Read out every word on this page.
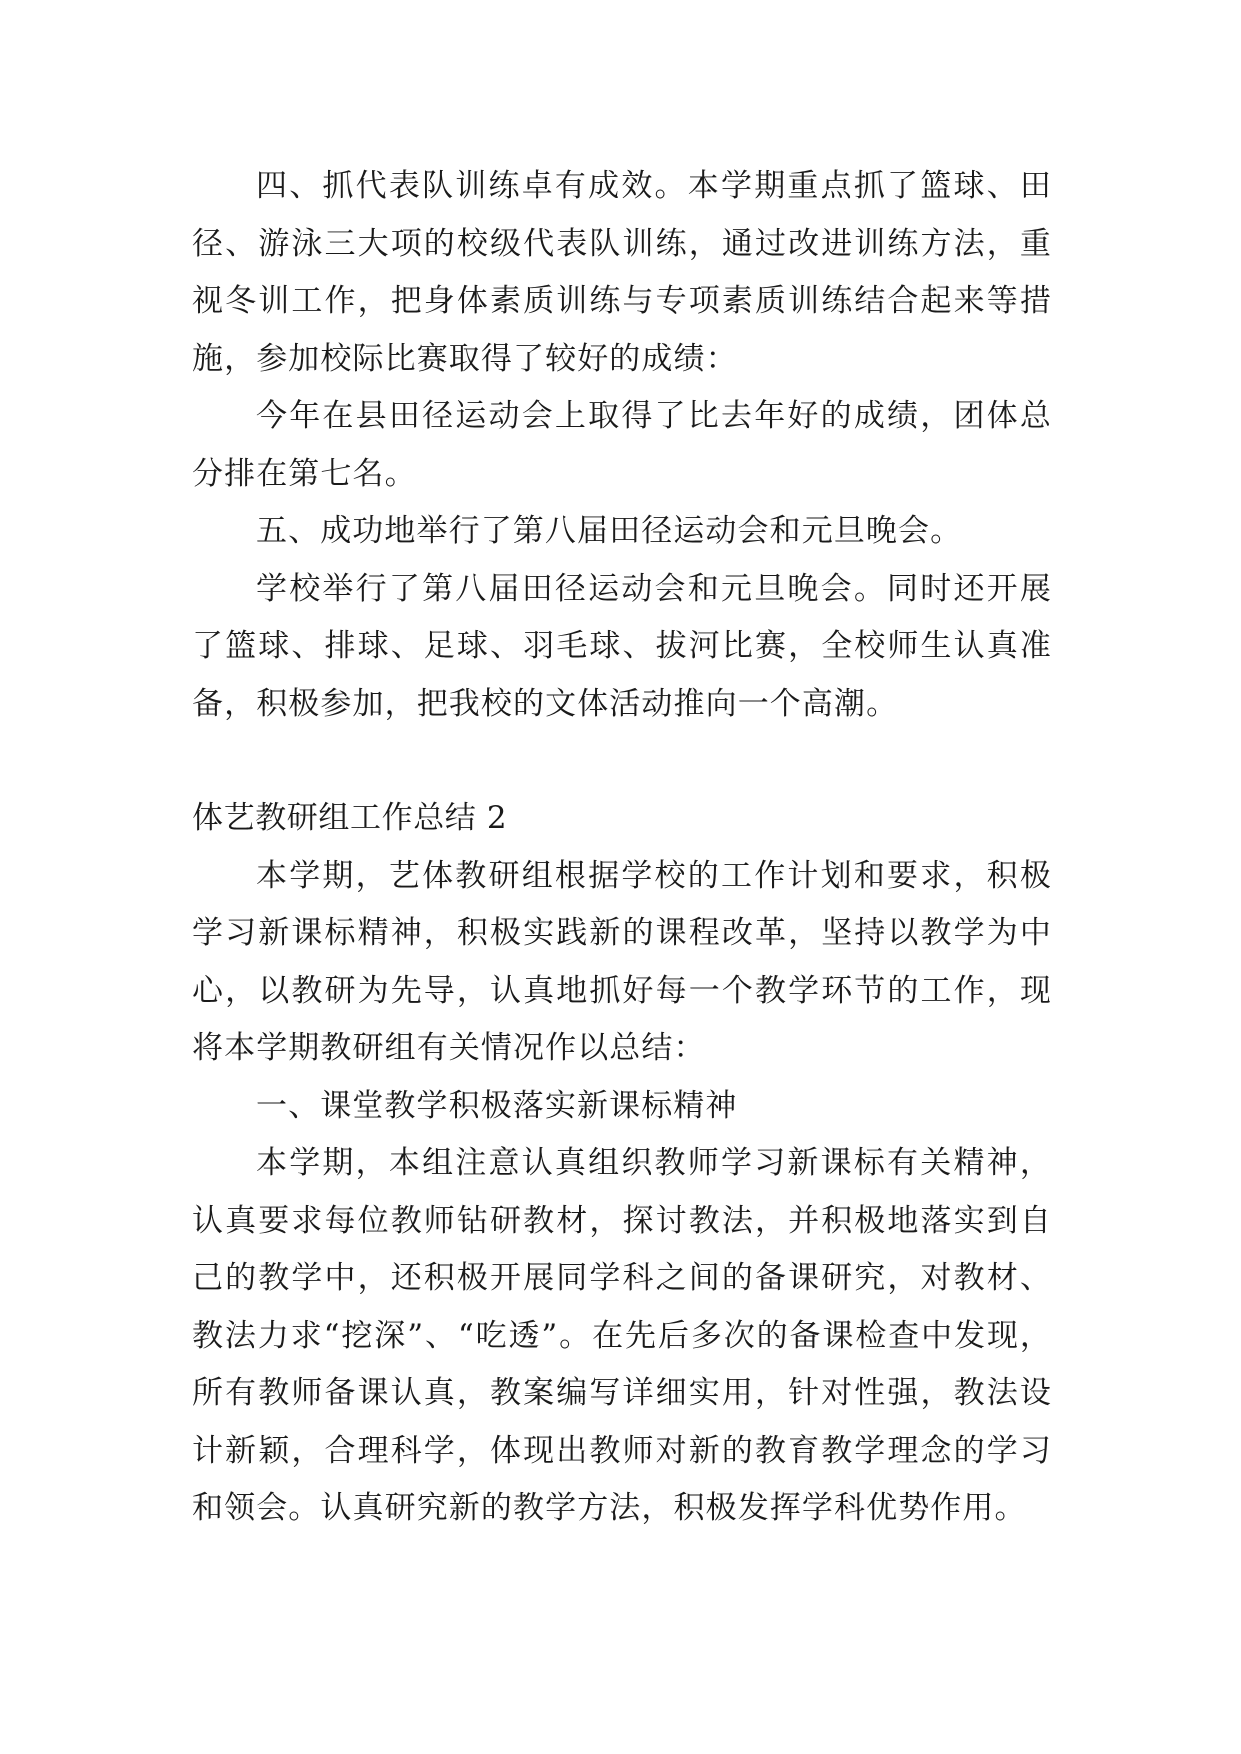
四、抓代表队训练卓有成效。本学期重点抓了篮球、田径、游泳三大项的校级代表队训练，通过改进训练方法，重视冬训工作，把身体素质训练与专项素质训练结合起来等措施，参加校际比赛取得了较好的成绩：

今年在县田径运动会上取得了比去年好的成绩，团体总分排在第七名。

五、成功地举行了第八届田径运动会和元旦晚会。

学校举行了第八届田径运动会和元旦晚会。同时还开展了篮球、排球、足球、羽毛球、拔河比赛，全校师生认真准备，积极参加，把我校的文体活动推向一个高潮。

体艺教研组工作总结 2

本学期，艺体教研组根据学校的工作计划和要求，积极学习新课标精神，积极实践新的课程改革，坚持以教学为中心，以教研为先导，认真地抓好每一个教学环节的工作，现将本学期教研组有关情况作以总结：

一、课堂教学积极落实新课标精神

本学期，本组注意认真组织教师学习新课标有关精神，认真要求每位教师钻研教材，探讨教法，并积极地落实到自己的教学中，还积极开展同学科之间的备课研究，对教材、教法力求“挖深”、“吃透”。在先后多次的备课检查中发现，所有教师备课认真，教案编写详细实用，针对性强，教法设计新颖，合理科学，体现出教师对新的教育教学理念的学习和领会。认真研究新的教学方法，积极发挥学科优势作用。
